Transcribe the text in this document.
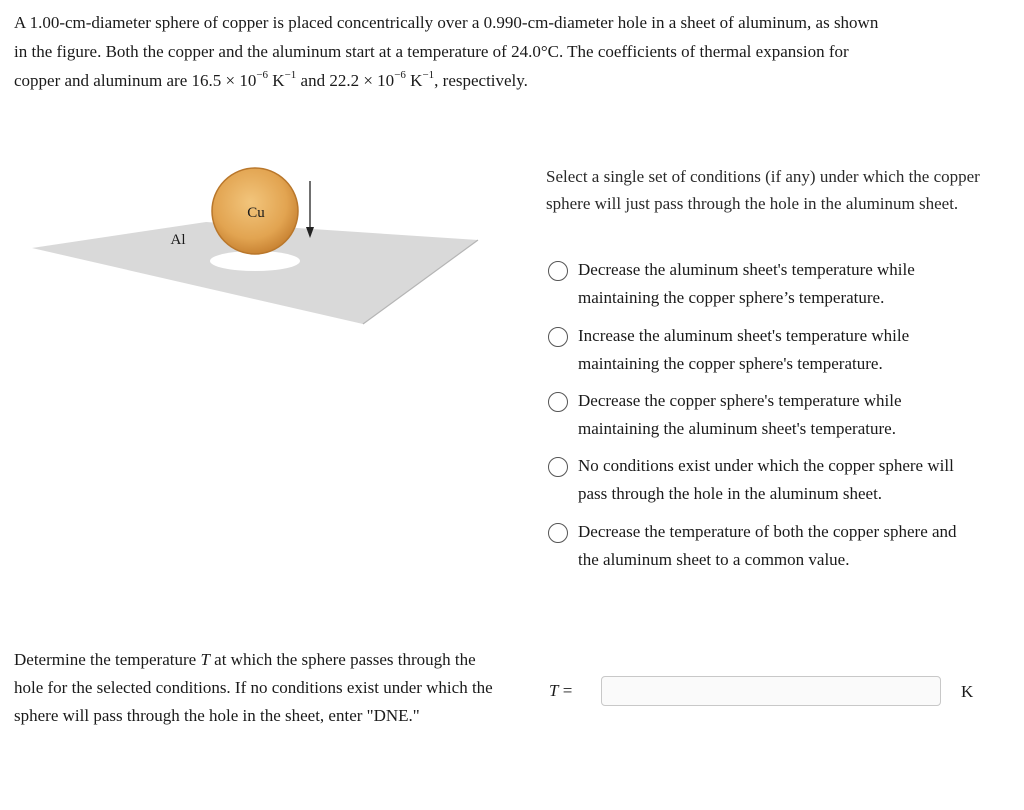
A 1.00-cm-diameter sphere of copper is placed concentrically over a 0.990-cm-diameter hole in a sheet of aluminum, as shown
in the figure. Both the copper and the aluminum start at a temperature of 24.0°C. The coefficients of thermal expansion for
copper and aluminum are $16.5 \times 10^{-6}$ $K^{-1}$ and $22.2 \times 10^{-6}$ $K^{-1}$, respectively.
Cu
Al
Select a single set of conditions (if any) under which the copper sphere will just pass through the hole in the aluminum sheet.
Decrease the aluminum sheet's temperature while maintaining the copper sphere’s temperature.
Increase the aluminum sheet's temperature while maintaining the copper sphere's temperature.
Decrease the copper sphere's temperature while maintaining the aluminum sheet's temperature.
No conditions exist under which the copper sphere will pass through the hole in the aluminum sheet.
Decrease the temperature of both the copper sphere and the aluminum sheet to a common value.
Determine the temperature T at which the sphere passes through the hole for the selected conditions. If no conditions exist under which the sphere will pass through the hole in the sheet, enter "DNE."
T =	K
